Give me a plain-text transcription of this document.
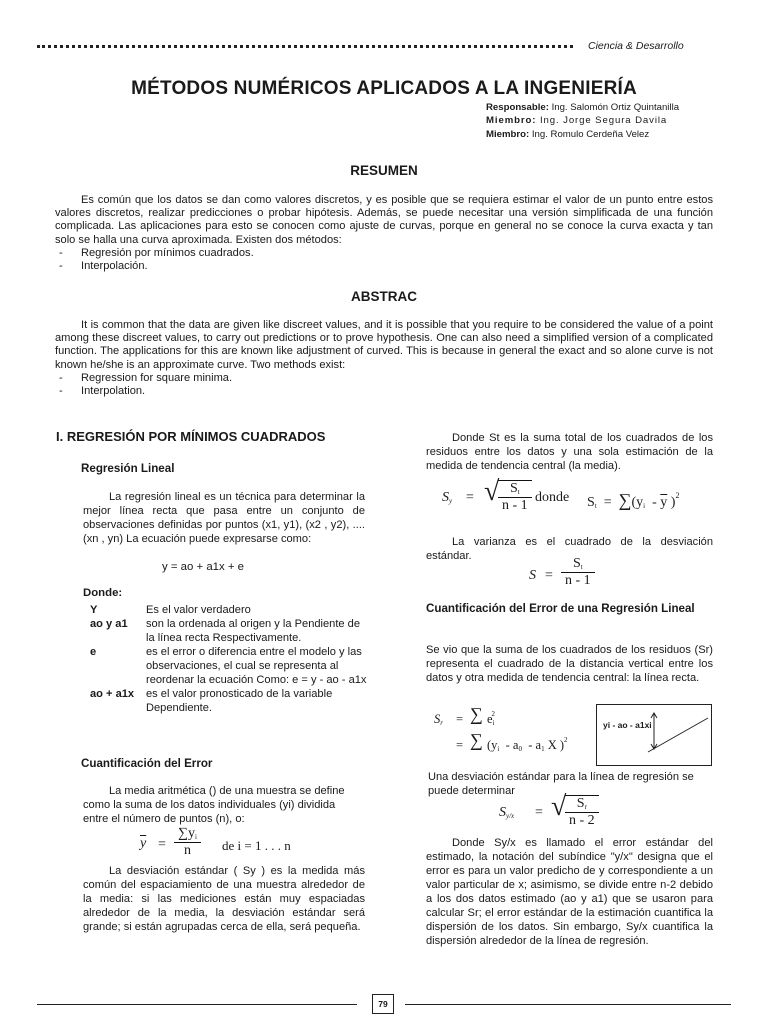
Ciencia & Desarrollo
MÉTODOS NUMÉRICOS APLICADOS A LA INGENIERÍA
Responsable: Ing. Salomón Ortiz Quintanilla
Miembro: Ing. Jorge Segura Davila
Miembro: Ing. Romulo Cerdeña Velez
RESUMEN

Es común que los datos se dan como valores discretos, y es posible que se requiera estimar el valor de un punto entre estos valores discretos, realizar predicciones o probar hipótesis. Además, se puede necesitar una versión simplificada de una función complicada. Las aplicaciones para esto se conocen como ajuste de curvas, porque en general no se conoce la curva exacta y tan solo se halla una curva aproximada. Existen dos métodos:

- Regresión por mínimos cuadrados.

- Interpolación.

ABSTRAC

It is common that the data are given like discreet values, and it is possible that you require to be considered the value of a point among these discreet values, to carry out predictions or to prove hypothesis. One can also need a simplified version of a complicated function. The applications for this are known like adjustment of curved. This is because in general the exact and so alone curve is not known he/she is an approximate curve. Two methods exist:

- Regression for square minima.

- Interpolation.

I. REGRESIÓN POR MÍNIMOS CUADRADOS
Regresión Lineal

La regresión lineal es un técnica para determinar la mejor línea recta que pasa entre un conjunto de observaciones definidas por puntos (x1, y1), (x2 , y2), ....(xn , yn) La ecuación puede expresarse como:

y = ao + a1x + e
Donde:
Y	Es el valor verdadero
ao y a1	son la ordenada al origen y la Pendiente de la línea recta Respectivamente.
e	es el error o diferencia entre el modelo y las observaciones, el cual se representa al reordenar la ecuación Como: e = y - ao - a1x
ao + a1x	es el valor pronosticado de la variable Dependiente.
Cuantificación del Error

La media aritmética () de una muestra se define como la suma de los datos individuales (yi) dividida entre el número de puntos (n), o:

$\overline{y} = \frac{\sum y_i}{n}$ de i = 1 . . . n

La desviación estándar ( Sy ) es la medida más común del espaciamiento de una muestra alrededor de la media: si las mediciones están muy espaciadas alrededor de la media, la desviación estándar será grande; si están agrupadas cerca de ella, será pequeña.

Donde St es la suma total de los cuadrados de los residuos entre los datos y una sola estimación de la medida de tendencia central (la media).

$S_y$ = √
$\frac{S_t}{n - 1}$ donde $S_t = \sum(y_i - \overline{y}$ )$^2$

La varianza es el cuadrado de la desviación estándar.

$S = \frac{S_t}{n - 1}$
Cuantificación del Error de una Regresión Lineal

Se vio que la suma de los cuadrados de los residuos (Sr) representa el cuadrado de la distancia vertical entre los datos y otra medida de tendencia central: la línea recta.

$S_r$ = ∑ $e_i^2$
= ∑ ($y_i - a_0 - a_1$ X )$^2$
yi - ao - a1xi

Una desviación estándar para la línea de regresión se puede determinar

$S_{y/x}$ = √
$\frac{S_r}{n - 2}$

Donde Sy/x es llamado el error estándar del estimado, la notación del subíndice "y/x" designa que el error es para un valor predicho de y correspondiente a un valor particular de x; asimismo, se divide entre n-2 debido a los dos datos estimado (ao y a1) que se usaron para calcular Sr; el error estándar de la estimación cuantifica la dispersión de los datos. Sin embargo, Sy/x cuantifica la dispersión alrededor de la línea de regresión.

79
